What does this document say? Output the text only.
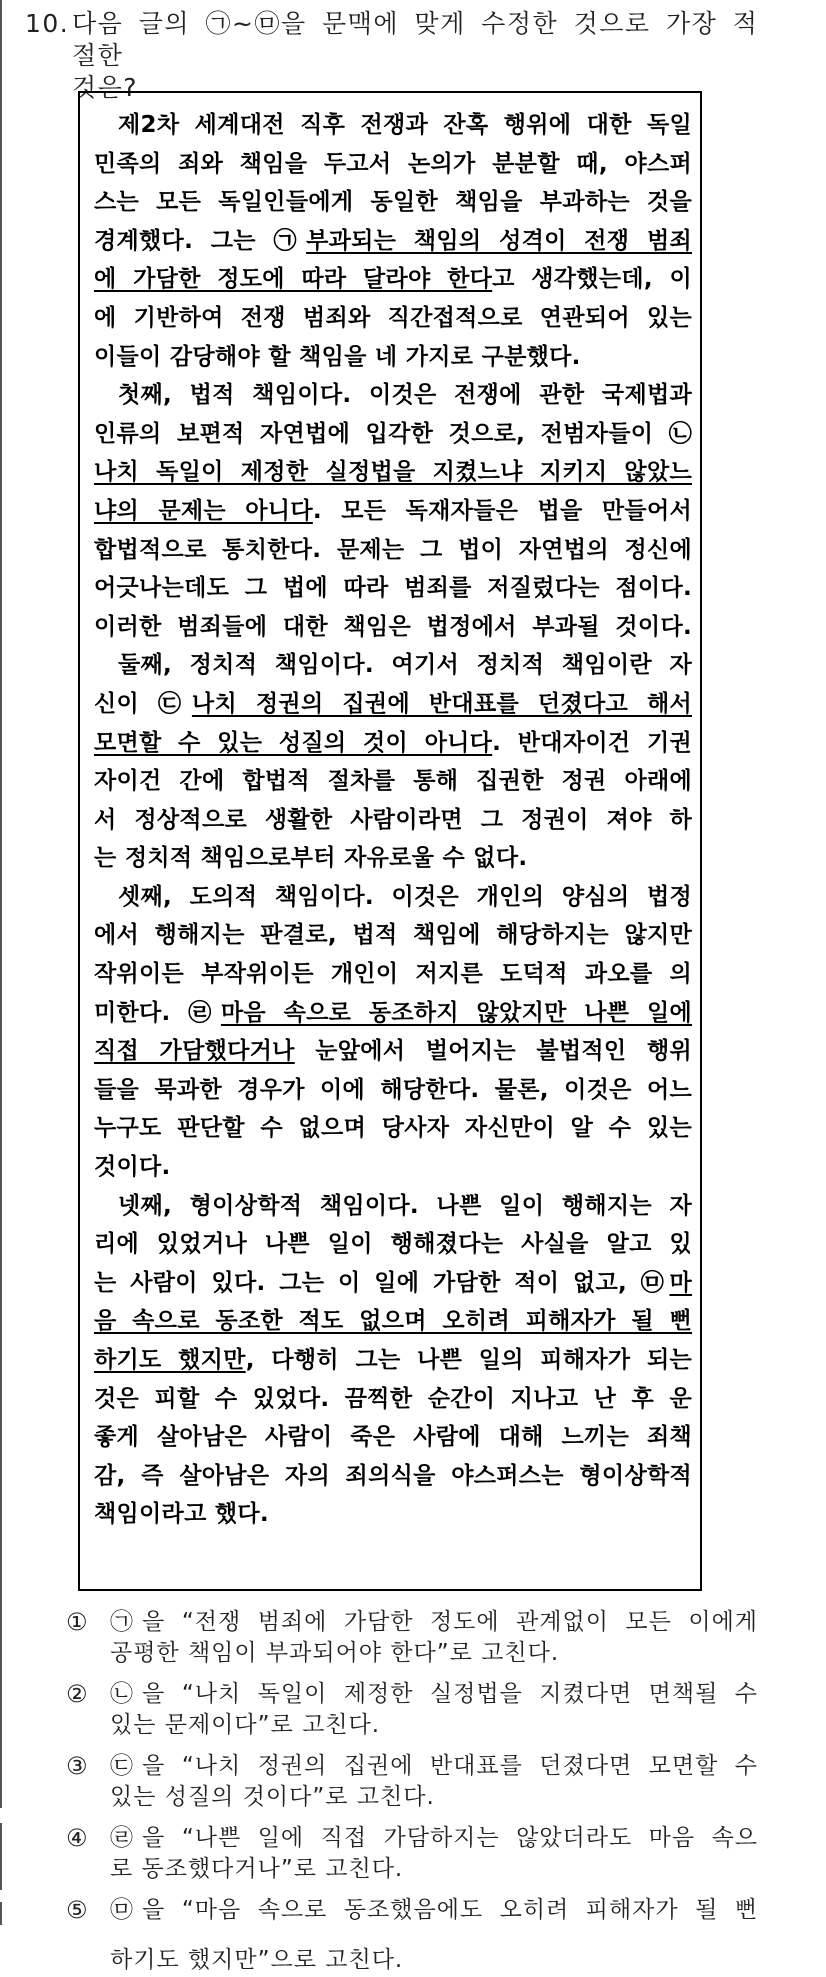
10. 다음 글의 ㉠~㉤을 문맥에 맞게 수정한 것으로 가장 적절한
것은?
제2차 세계대전 직후 전쟁과 잔혹 행위에 대한 독일
민족의 죄와 책임을 두고서 논의가 분분할 때, 야스퍼
스는 모든 독일인들에게 동일한 책임을 부과하는 것을
경계했다. 그는 ㉠부과되는 책임의 성격이 전쟁 범죄
에 가담한 정도에 따라 달라야 한다고 생각했는데, 이
에 기반하여 전쟁 범죄와 직간접적으로 연관되어 있는
이들이 감당해야 할 책임을 네 가지로 구분했다.
첫째, 법적 책임이다. 이것은 전쟁에 관한 국제법과
인류의 보편적 자연법에 입각한 것으로, 전범자들이 ㉡
나치 독일이 제정한 실정법을 지켰느냐 지키지 않았느
냐의 문제는 아니다. 모든 독재자들은 법을 만들어서
합법적으로 통치한다. 문제는 그 법이 자연법의 정신에
어긋나는데도 그 법에 따라 범죄를 저질렀다는 점이다.
이러한 범죄들에 대한 책임은 법정에서 부과될 것이다.
둘째, 정치적 책임이다. 여기서 정치적 책임이란 자
신이 ㉢나치 정권의 집권에 반대표를 던졌다고 해서
모면할 수 있는 성질의 것이 아니다. 반대자이건 기권
자이건 간에 합법적 절차를 통해 집권한 정권 아래에
서 정상적으로 생활한 사람이라면 그 정권이 져야 하
는 정치적 책임으로부터 자유로울 수 없다.
셋째, 도의적 책임이다. 이것은 개인의 양심의 법정
에서 행해지는 판결로, 법적 책임에 해당하지는 않지만
작위이든 부작위이든 개인이 저지른 도덕적 과오를 의
미한다. ㉣마음 속으로 동조하지 않았지만 나쁜 일에
직접 가담했다거나 눈앞에서 벌어지는 불법적인 행위
들을 묵과한 경우가 이에 해당한다. 물론, 이것은 어느
누구도 판단할 수 없으며 당사자 자신만이 알 수 있는
것이다.
넷째, 형이상학적 책임이다. 나쁜 일이 행해지는 자
리에 있었거나 나쁜 일이 행해졌다는 사실을 알고 있
는 사람이 있다. 그는 이 일에 가담한 적이 없고, ㉤마
음 속으로 동조한 적도 없으며 오히려 피해자가 될 뻔
하기도 했지만, 다행히 그는 나쁜 일의 피해자가 되는
것은 피할 수 있었다. 끔찍한 순간이 지나고 난 후 운
좋게 살아남은 사람이 죽은 사람에 대해 느끼는 죄책
감, 즉 살아남은 자의 죄의식을 야스퍼스는 형이상학적
책임이라고 했다.
① ㉠을 “전쟁 범죄에 가담한 정도에 관계없이 모든 이에게
공평한 책임이 부과되어야 한다”로 고친다.
② ㉡을 “나치 독일이 제정한 실정법을 지켰다면 면책될 수
있는 문제이다”로 고친다.
③ ㉢을 “나치 정권의 집권에 반대표를 던졌다면 모면할 수
있는 성질의 것이다”로 고친다.
④ ㉣을 “나쁜 일에 직접 가담하지는 않았더라도 마음 속으
로 동조했다거나”로 고친다.
⑤ ㉤을 “마음 속으로 동조했음에도 오히려 피해자가 될 뻔
하기도 했지만”으로 고친다.
